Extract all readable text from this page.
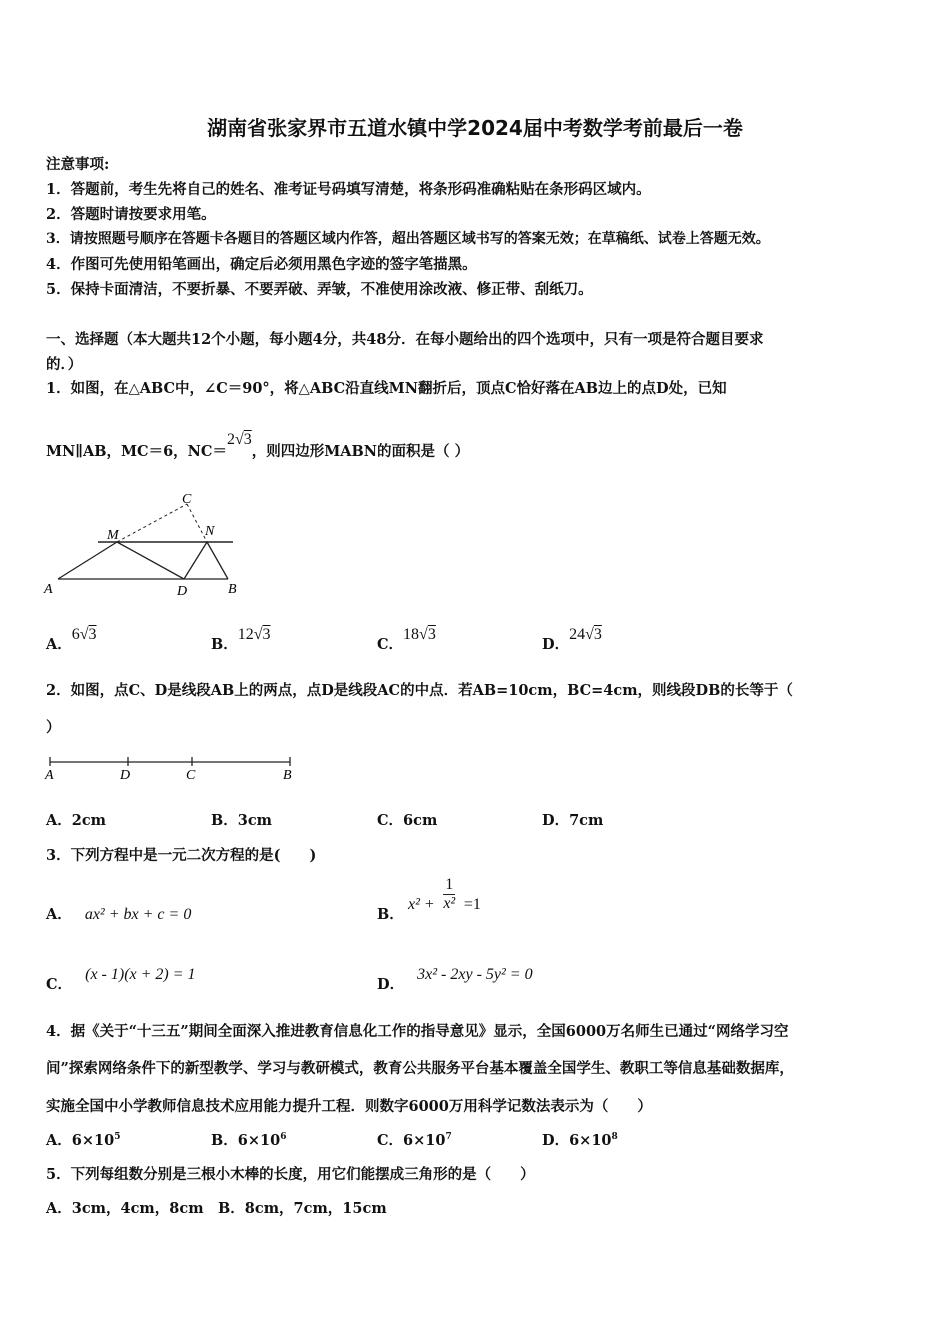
湖南省张家界市五道水镇中学2024届中考数学考前最后一卷
注意事项:
1．答题前，考生先将自己的姓名、准考证号码填写清楚，将条形码准确粘贴在条形码区域内。
2．答题时请按要求用笔。
3．请按照题号顺序在答题卡各题目的答题区域内作答，超出答题区域书写的答案无效；在草稿纸、试卷上答题无效。
4．作图可先使用铅笔画出，确定后必须用黑色字迹的签字笔描黑。
5．保持卡面清洁，不要折暴、不要弄破、弄皱，不准使用涂改液、修正带、刮纸刀。
一、选择题（本大题共12个小题，每小题4分，共48分．在每小题给出的四个选项中，只有一项是符合题目要求
的．）
1．如图，在△ABC中，∠C＝90°，将△ABC沿直线MN翻折后，顶点C恰好落在AB边上的点D处，已知
MN∥AB，MC＝6，NC＝2√3，则四边形MABN的面积是（ ）
A	B
C
D
M	N
A．6√3
B．12√3
C．18√3
D．24√3
2．如图，点C、D是线段AB上的两点，点D是线段AC的中点．若AB=10cm，BC=4cm，则线段DB的长等于（
）
A	D	C	B
A．2cm	B．3cm	C．6cm	D．7cm
3．下列方程中是一元二次方程的是(　　)
A． ax² + bx + c = 0	B．
$x^2 + \frac{1}{\text{x²}} =1$
C． (x - 1)(x + 2) = 1
D． 3x² - 2xy - 5y² = 0
4．据《关于“十三五”期间全面深入推进教育信息化工作的指导意见》显示，全国6000万名师生已通过“网络学习空
间”探索网络条件下的新型教学、学习与教研模式，教育公共服务平台基本覆盖全国学生、教职工等信息基础数据库，
实施全国中小学教师信息技术应用能力提升工程．则数字6000万用科学记数法表示为（　　）
A．$6\times 10^5$	B．$6\times 10^6$	C．$6\times 10^7$	D．$6\times 10^8$
5．下列每组数分别是三根小木棒的长度，用它们能摆成三角形的是（　　）
A．3cm，4cm，8cm　B．8cm，7cm，15cm
